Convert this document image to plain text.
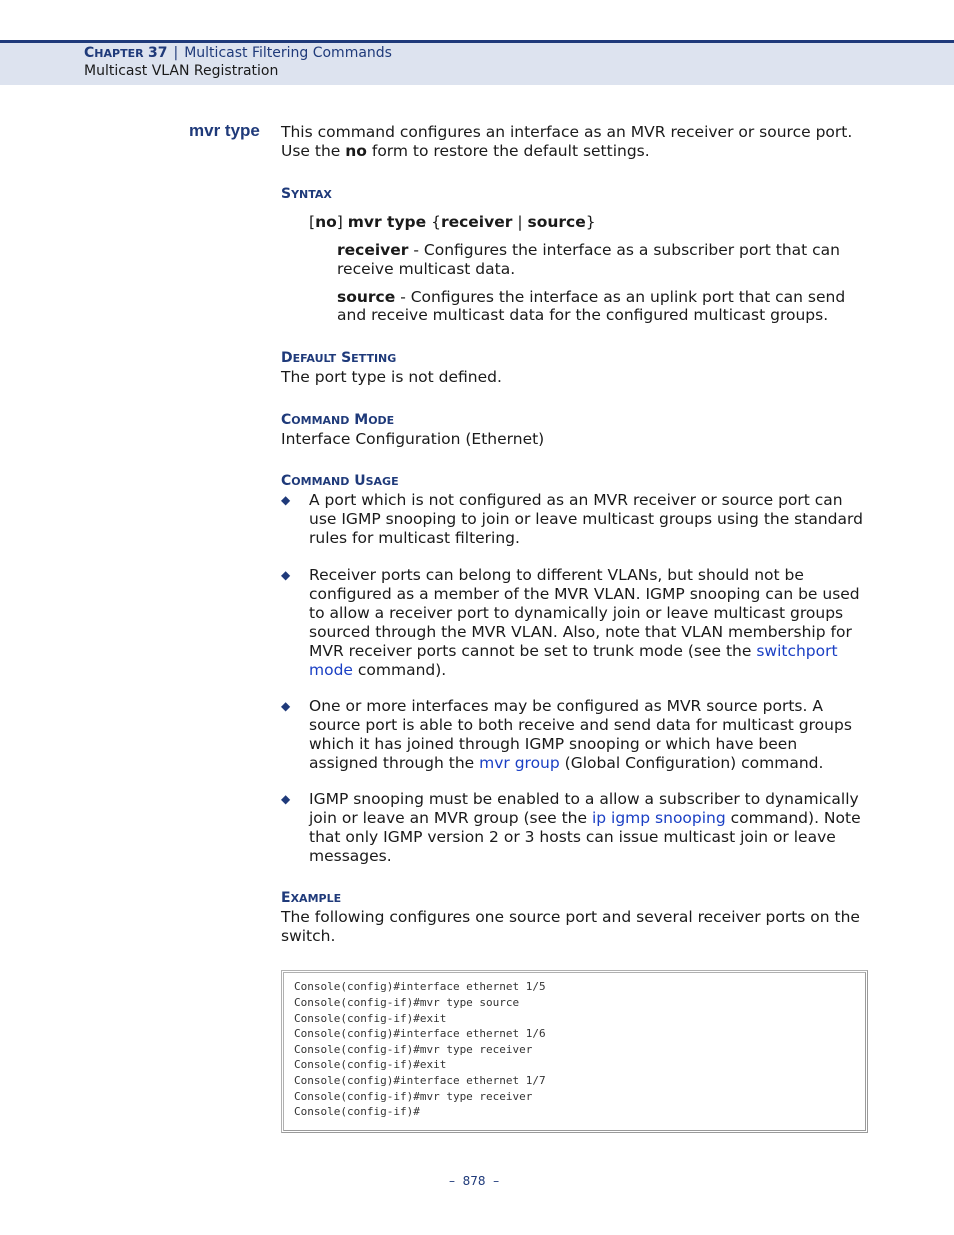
CHAPTER 37 | Multicast Filtering Commands
Multicast VLAN Registration
mvr type This command configures an interface as an MVR receiver or source port.
Use the no form to restore the default settings.
SYNTAX
[no] mvr type {receiver | source}
receiver - Configures the interface as a subscriber port that can
receive multicast data.
source - Configures the interface as an uplink port that can send
and receive multicast data for the configured multicast groups.
DEFAULT SETTING
The port type is not defined.
COMMAND MODE
Interface Configuration (Ethernet)
COMMAND USAGE
◆ A port which is not configured as an MVR receiver or source port can
use IGMP snooping to join or leave multicast groups using the standard
rules for multicast filtering.
◆ Receiver ports can belong to different VLANs, but should not be
configured as a member of the MVR VLAN. IGMP snooping can be used
to allow a receiver port to dynamically join or leave multicast groups
sourced through the MVR VLAN. Also, note that VLAN membership for
MVR receiver ports cannot be set to trunk mode (see the switchport
mode command).
◆ One or more interfaces may be configured as MVR source ports. A
source port is able to both receive and send data for multicast groups
which it has joined through IGMP snooping or which have been
assigned through the mvr group (Global Configuration) command.
◆ IGMP snooping must be enabled to a allow a subscriber to dynamically
join or leave an MVR group (see the ip igmp snooping command). Note
that only IGMP version 2 or 3 hosts can issue multicast join or leave
messages.
EXAMPLE
The following configures one source port and several receiver ports on the
switch.
Console(config)#interface ethernet 1/5
Console(config-if)#mvr type source
Console(config-if)#exit
Console(config)#interface ethernet 1/6
Console(config-if)#mvr type receiver
Console(config-if)#exit
Console(config)#interface ethernet 1/7
Console(config-if)#mvr type receiver
Console(config-if)#
–  878  –
